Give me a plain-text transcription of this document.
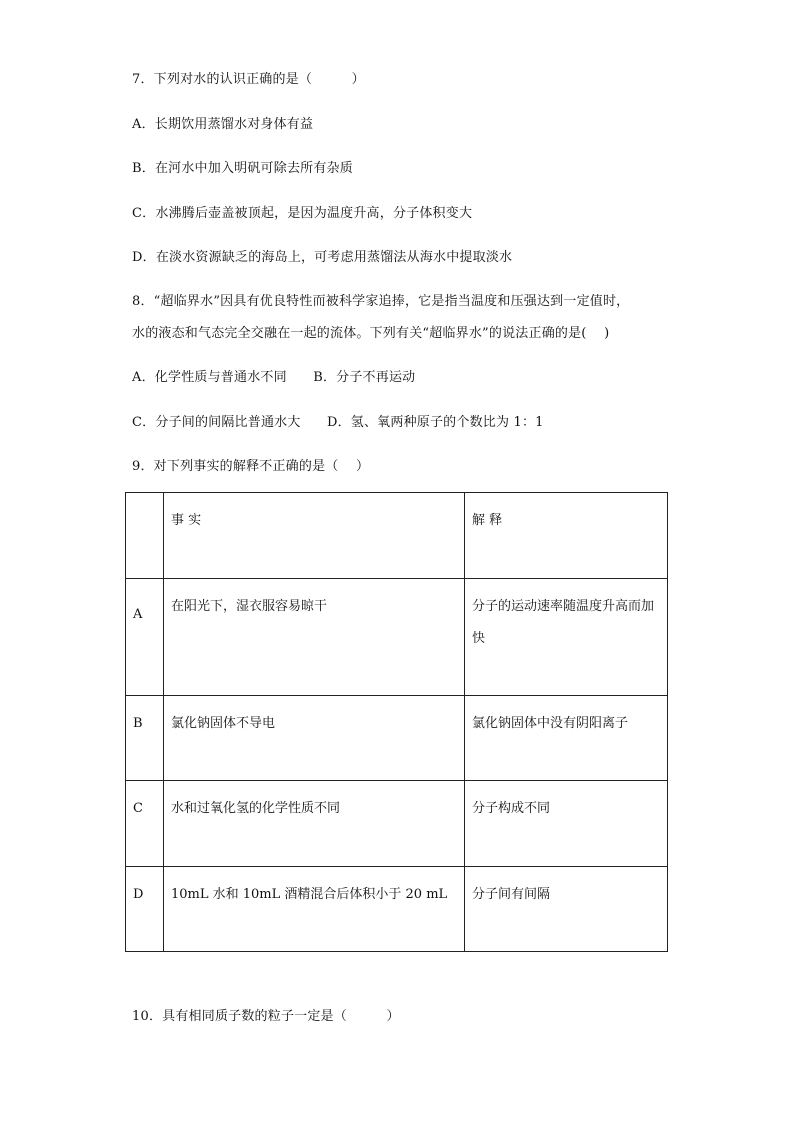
7．下列对水的认识正确的是（　　　）
A．长期饮用蒸馏水对身体有益
B．在河水中加入明矾可除去所有杂质
C．水沸腾后壶盖被顶起，是因为温度升高，分子体积变大
D．在淡水资源缺乏的海岛上，可考虑用蒸馏法从海水中提取淡水
8．“超临界水”因具有优良特性而被科学家追捧，它是指当温度和压强达到一定值时，
水的液态和气态完全交融在一起的流体。下列有关“超临界水”的说法正确的是(　 )
A．化学性质与普通水不同　　B．分子不再运动
C．分子间的间隔比普通水大　　D．氢、氧两种原子的个数比为 1：1
9．对下列事实的解释不正确的是（　 ）
	事 实	解 释

A	在阳光下，湿衣服容易晾干	分子的运动速率随温度升高而加快

B	氯化钠固体不导电	氯化钠固体中没有阴阳离子

C	水和过氧化氢的化学性质不同	分子构成不同

D	10mL 水和 10mL 酒精混合后体积小于 20 mL	分子间有间隔
10．具有相同质子数的粒子一定是（　　　）
